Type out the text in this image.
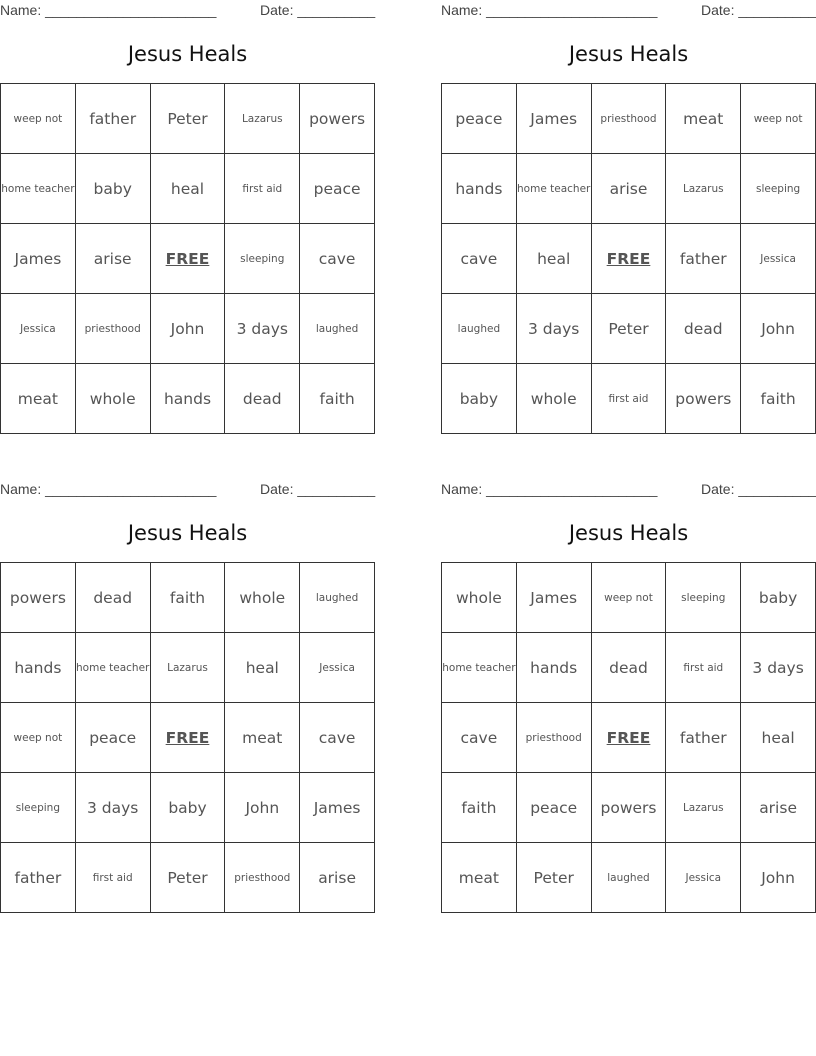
Name: ______________________	Date: __________
Jesus Heals
weep not	father	Peter	Lazarus	powers
home teacher	baby	heal	first aid	peace
James	arise	FREE	sleeping	cave
Jessica	priesthood	John	3 days	laughed
meat	whole	hands	dead	faith
Name: ______________________	Date: __________
Jesus Heals
peace	James	priesthood	meat	weep not
hands	home teacher	arise	Lazarus	sleeping
cave	heal	FREE	father	Jessica
laughed	3 days	Peter	dead	John
baby	whole	first aid	powers	faith
Name: ______________________	Date: __________
Jesus Heals
powers	dead	faith	whole	laughed
hands	home teacher	Lazarus	heal	Jessica
weep not	peace	FREE	meat	cave
sleeping	3 days	baby	John	James
father	first aid	Peter	priesthood	arise
Name: ______________________	Date: __________
Jesus Heals
whole	James	weep not	sleeping	baby
home teacher	hands	dead	first aid	3 days
cave	priesthood	FREE	father	heal
faith	peace	powers	Lazarus	arise
meat	Peter	laughed	Jessica	John
